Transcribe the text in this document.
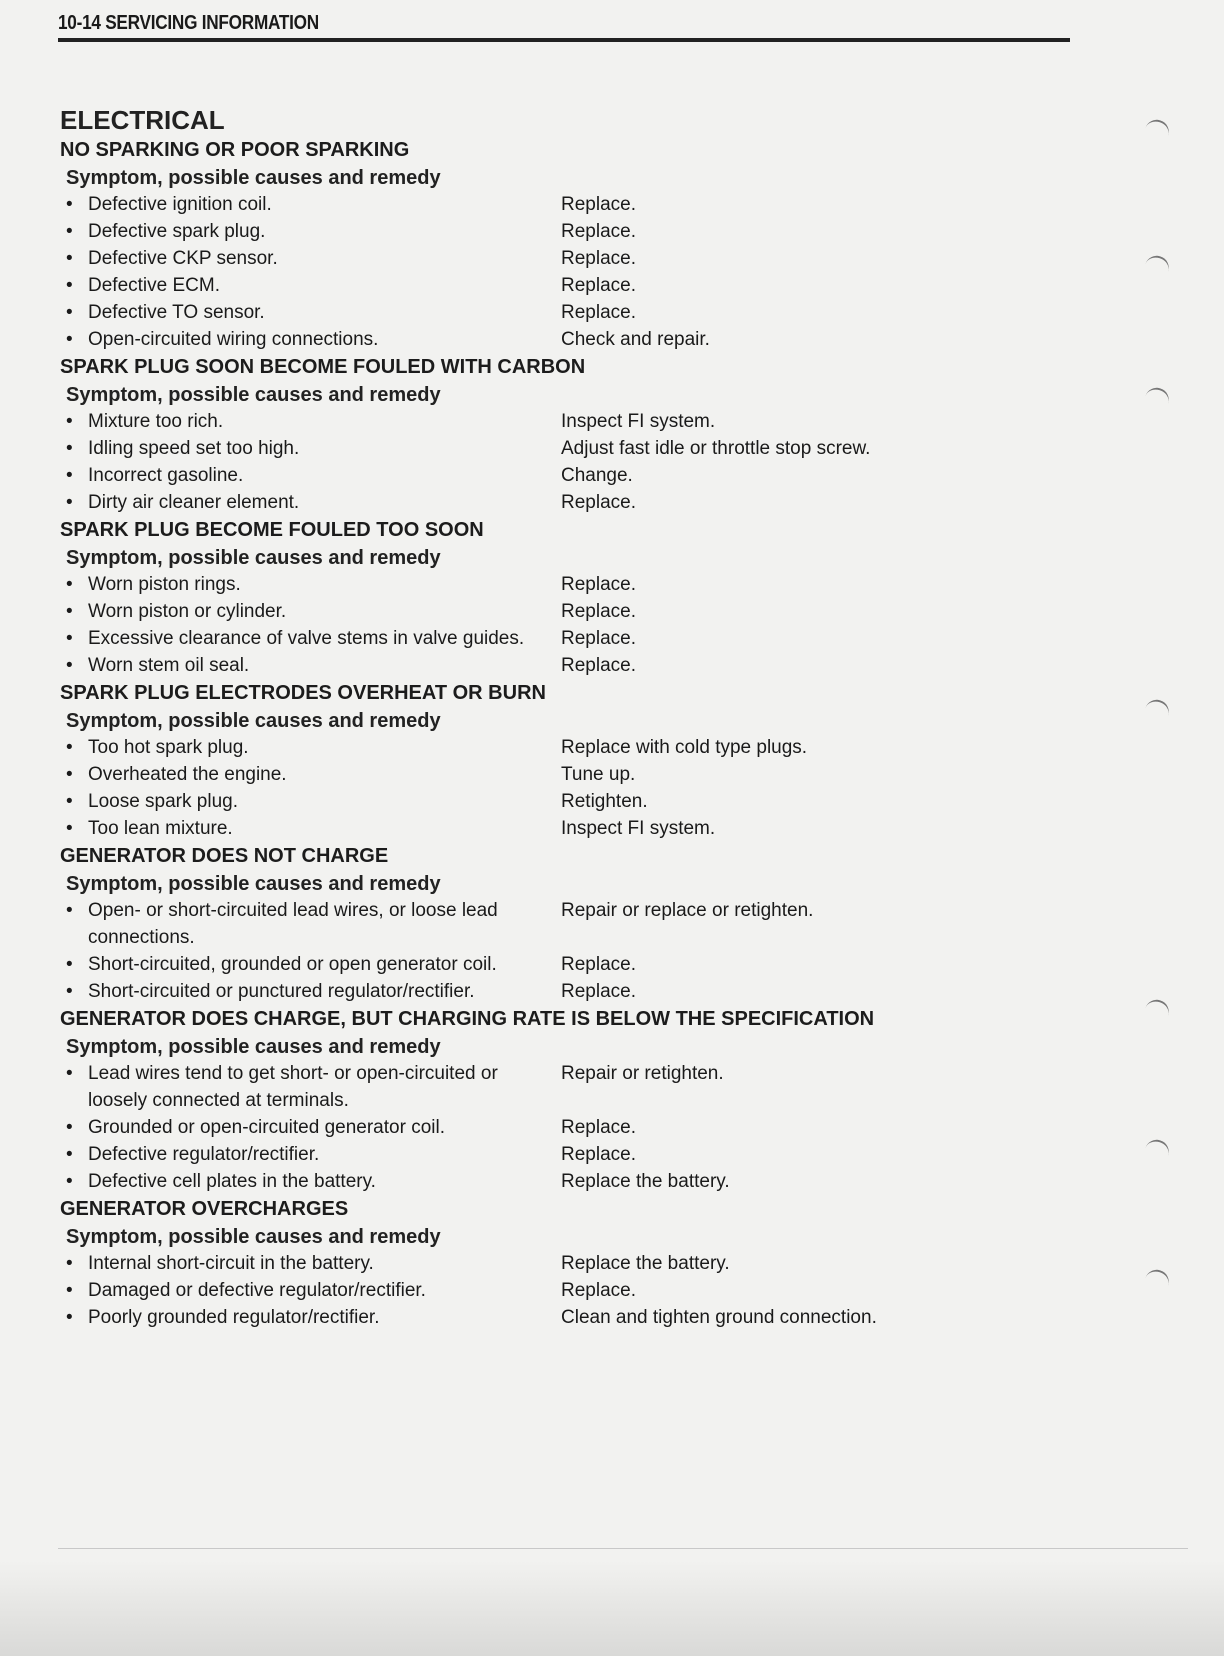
10-14 SERVICING INFORMATION
ELECTRICAL
NO SPARKING OR POOR SPARKING
Symptom, possible causes and remedy
• Defective ignition coil.	Replace.
• Defective spark plug.	Replace.
• Defective CKP sensor.	Replace.
• Defective ECM.	Replace.
• Defective TO sensor.	Replace.
• Open-circuited wiring connections.	Check and repair.
SPARK PLUG SOON BECOME FOULED WITH CARBON
Symptom, possible causes and remedy
• Mixture too rich.	Inspect FI system.
• Idling speed set too high.	Adjust fast idle or throttle stop screw.
• Incorrect gasoline.	Change.
• Dirty air cleaner element.	Replace.
SPARK PLUG BECOME FOULED TOO SOON
Symptom, possible causes and remedy
• Worn piston rings.	Replace.
• Worn piston or cylinder.	Replace.
• Excessive clearance of valve stems in valve guides.	Replace.
• Worn stem oil seal.	Replace.
SPARK PLUG ELECTRODES OVERHEAT OR BURN
Symptom, possible causes and remedy
• Too hot spark plug.	Replace with cold type plugs.
• Overheated the engine.	Tune up.
• Loose spark plug.	Retighten.
• Too lean mixture.	Inspect FI system.
GENERATOR DOES NOT CHARGE
Symptom, possible causes and remedy
• Open- or short-circuited lead wires, or loose lead connections.
Repair or replace or retighten.
• Short-circuited, grounded or open generator coil.	Replace.
• Short-circuited or punctured regulator/rectifier.	Replace.
GENERATOR DOES CHARGE, BUT CHARGING RATE IS BELOW THE SPECIFICATION
Symptom, possible causes and remedy
• Lead wires tend to get short- or open-circuited or loosely connected at terminals.
Repair or retighten.
• Grounded or open-circuited generator coil.	Replace.
• Defective regulator/rectifier.	Replace.
• Defective cell plates in the battery.	Replace the battery.
GENERATOR OVERCHARGES
Symptom, possible causes and remedy
• Internal short-circuit in the battery.	Replace the battery.
• Damaged or defective regulator/rectifier.	Replace.
• Poorly grounded regulator/rectifier.	Clean and tighten ground connection.
